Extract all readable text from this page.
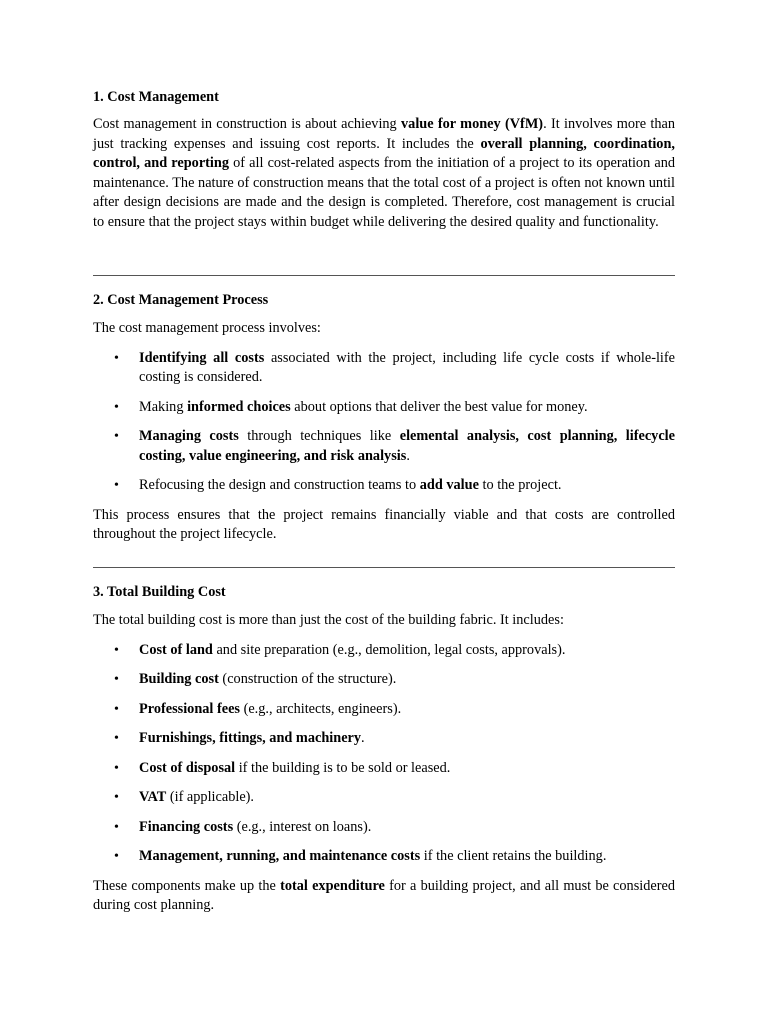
1. Cost Management

Cost management in construction is about achieving value for money (VfM). It involves more than just tracking expenses and issuing cost reports. It includes the overall planning, coordination, control, and reporting of all cost-related aspects from the initiation of a project to its operation and maintenance. The nature of construction means that the total cost of a project is often not known until after design decisions are made and the design is completed. Therefore, cost management is crucial to ensure that the project stays within budget while delivering the desired quality and functionality.

2. Cost Management Process

The cost management process involves:

• Identifying all costs associated with the project, including life cycle costs if whole-life costing is considered.
• Making informed choices about options that deliver the best value for money.
• Managing costs through techniques like elemental analysis, cost planning, lifecycle costing, value engineering, and risk analysis.
• Refocusing the design and construction teams to add value to the project.

This process ensures that the project remains financially viable and that costs are controlled throughout the project lifecycle.

3. Total Building Cost

The total building cost is more than just the cost of the building fabric. It includes:

• Cost of land and site preparation (e.g., demolition, legal costs, approvals).
• Building cost (construction of the structure).
• Professional fees (e.g., architects, engineers).
• Furnishings, fittings, and machinery.
• Cost of disposal if the building is to be sold or leased.
• VAT (if applicable).
• Financing costs (e.g., interest on loans).
• Management, running, and maintenance costs if the client retains the building.

These components make up the total expenditure for a building project, and all must be considered during cost planning.
